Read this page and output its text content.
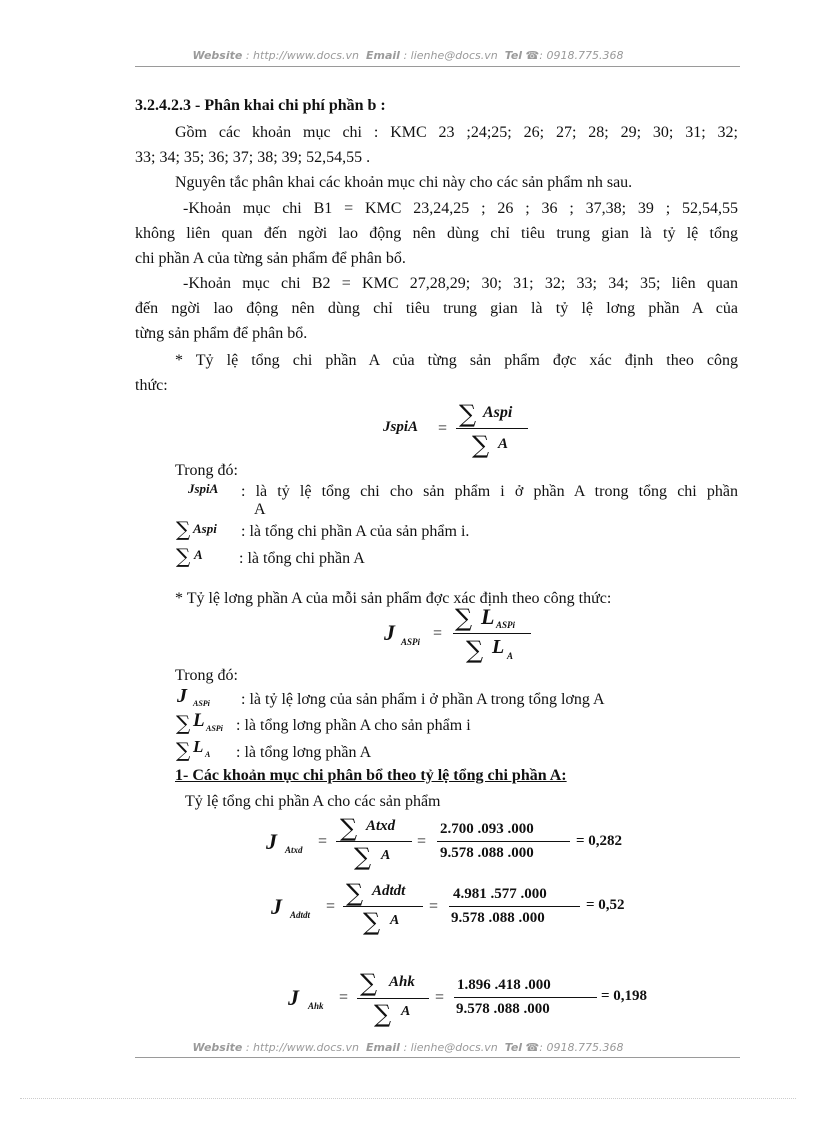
Website : http://www.docs.vn  Email : lienhe@docs.vn  Tel ☎: 0918.775.368
3.2.4.2.3 - Phân khai chi phí phần b :
Gồm các khoản mục chi : KMC 23 ;24;25; 26; 27; 28; 29; 30; 31; 32;
33; 34; 35; 36; 37; 38; 39; 52,54,55 .
Nguyên tắc phân khai các khoản mục chi này cho các sản phẩm nh sau.
-Khoản mục chi B1 = KMC 23,24,25 ; 26 ; 36 ; 37,38; 39 ; 52,54,55
không liên quan đến ngời lao động nên dùng chỉ tiêu trung gian là tỷ lệ tổng
chi phần A của từng sản phẩm để phân bổ.
-Khoản mục chi B2 = KMC 27,28,29; 30; 31; 32; 33; 34; 35; liên quan
đến ngời lao động nên dùng chỉ tiêu trung gian là tỷ lệ lơng phần A của
từng sản phẩm để phân bổ.
* Tỷ lệ tổng chi phần A của từng sản phẩm đợc xác định theo công
thức:
JspiA =
∑ Aspi
∑ A
Trong đó:
JspiA : là tỷ lệ tổng chi cho sản phẩm i ở phần A trong tổng chi phần
A
∑ Aspi : là tổng chi phần A của sản phẩm i.
∑ A : là tổng chi phần A
* Tỷ lệ lơng phần A của mỗi sản phẩm đợc xác định theo công thức:
J ASPi =
∑ L ASPi
∑ L A
Trong đó:
J ASPi : là tỷ lệ lơng của sản phẩm i ở phần A trong tổng lơng A
∑ L ASPi : là tổng lơng phần A cho sản phẩm i
∑ L A : là tổng lơng phần A
1- Các khoản mục chi phân bổ theo tỷ lệ tổng chi phần A:
Tỷ lệ tổng chi phần A cho các sản phẩm
J Atxd = ∑ Atxd
∑ A
=
2.700 .093 .000
9.578 .088 .000
= 0,282
J Adtdt = ∑ Adtdt
∑ A
=
4.981 .577 .000
9.578 .088 .000
= 0,52
J Ahk =
∑ Ahk
∑ A
=
1.896 .418 .000
9.578 .088 .000
= 0,198
Website : http://www.docs.vn  Email : lienhe@docs.vn  Tel ☎: 0918.775.368
